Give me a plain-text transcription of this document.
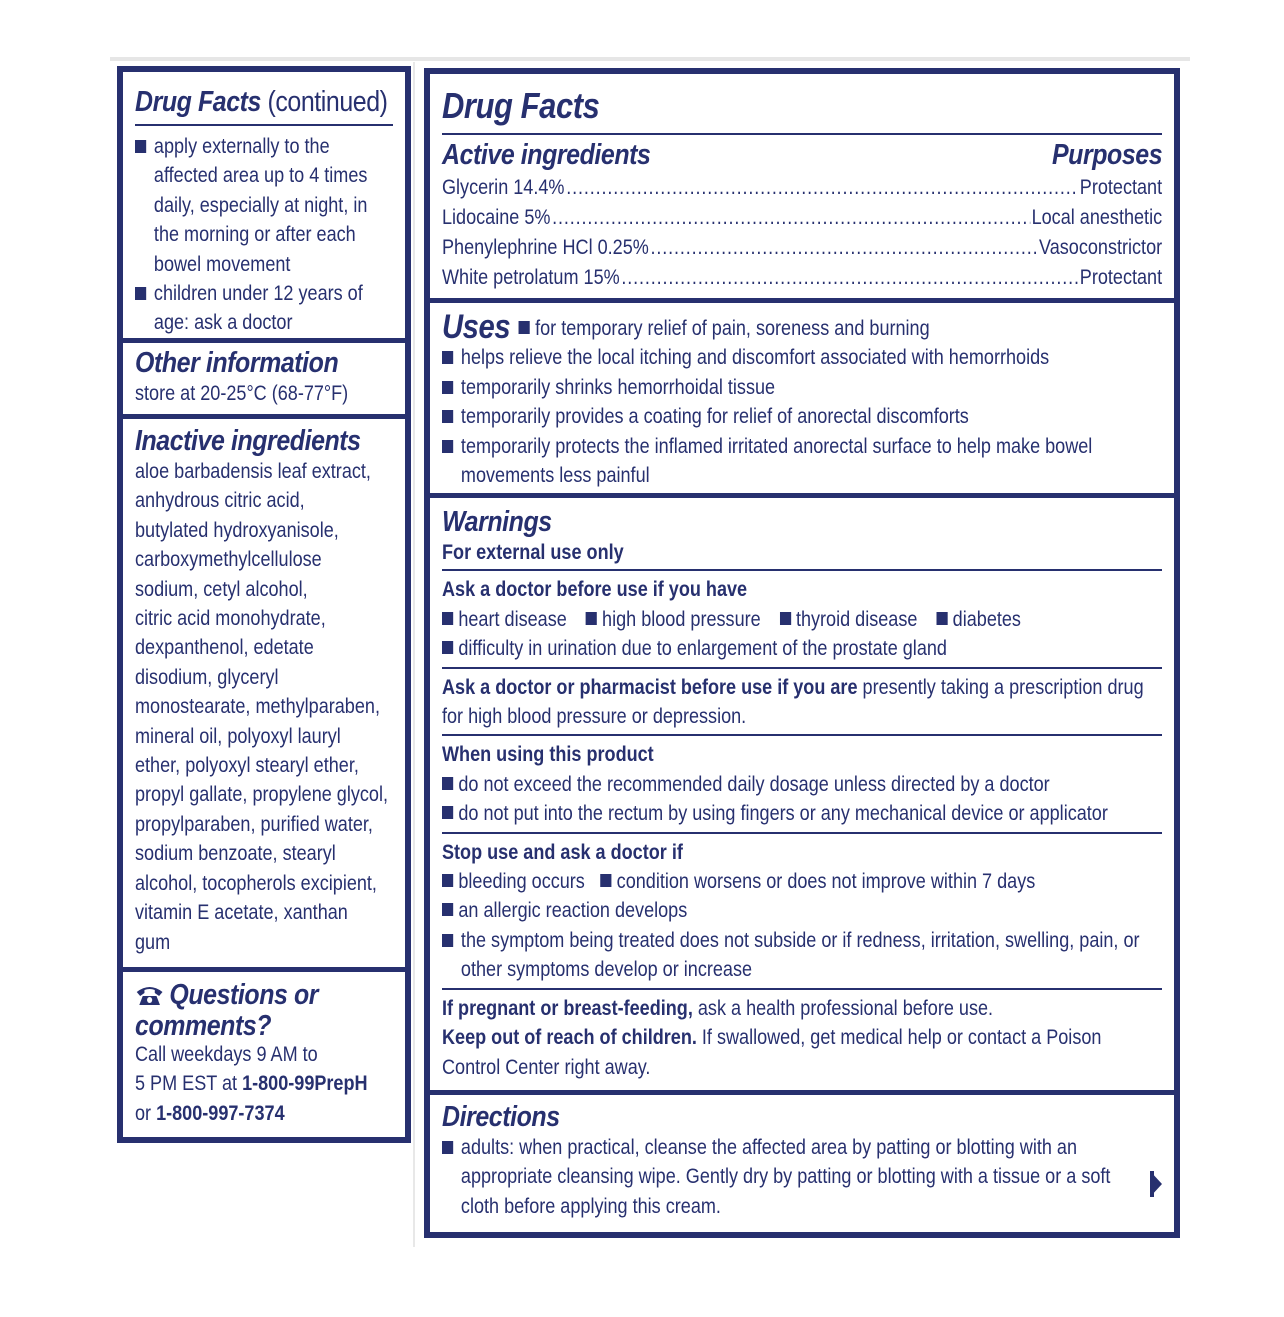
Drug Facts (continued)
apply externally to the
affected area up to 4 times
daily, especially at night, in
the morning or after each
bowel movement
children under 12 years of
age: ask a doctor
Other information
store at 20-25°C (68-77°F)
Inactive ingredients
aloe barbadensis leaf extract,
anhydrous citric acid,
butylated hydroxyanisole,
carboxymethylcellulose
sodium, cetyl alcohol,
citric acid monohydrate,
dexpanthenol, edetate
disodium, glyceryl
monostearate, methylparaben,
mineral oil, polyoxyl lauryl
ether, polyoxyl stearyl ether,
propyl gallate, propylene glycol,
propylparaben, purified water,
sodium benzoate, stearyl
alcohol, tocopherols excipient,
vitamin E acetate, xanthan
gum
Questions or
comments?
Call weekdays 9 AM to
5 PM EST at 1-800-99PrepH
or 1-800-997-7374
Drug Facts
Active ingredients	Purposes
Glycerin 14.4% .....	Protectant
Lidocaine 5% .....	Local anesthetic
Phenylephrine HCl 0.25% .....	Vasoconstrictor
White petrolatum 15% .....	Protectant
Uses for temporary relief of pain, soreness and burning
helps relieve the local itching and discomfort associated with hemorrhoids
temporarily shrinks hemorrhoidal tissue
temporarily provides a coating for relief of anorectal discomforts
temporarily protects the inflamed irritated anorectal surface to help make bowel
movements less painful
Warnings
For external use only
Ask a doctor before use if you have
heart disease high blood pressure thyroid disease diabetes
difficulty in urination due to enlargement of the prostate gland
Ask a doctor or pharmacist before use if you are presently taking a prescription drug
for high blood pressure or depression.
When using this product
do not exceed the recommended daily dosage unless directed by a doctor
do not put into the rectum by using fingers or any mechanical device or applicator
Stop use and ask a doctor if
bleeding occurs condition worsens or does not improve within 7 days
an allergic reaction develops
the symptom being treated does not subside or if redness, irritation, swelling, pain, or
other symptoms develop or increase
If pregnant or breast-feeding, ask a health professional before use.
Keep out of reach of children. If swallowed, get medical help or contact a Poison
Control Center right away.
Directions
adults: when practical, cleanse the affected area by patting or blotting with an
appropriate cleansing wipe. Gently dry by patting or blotting with a tissue or a soft
cloth before applying this cream.
